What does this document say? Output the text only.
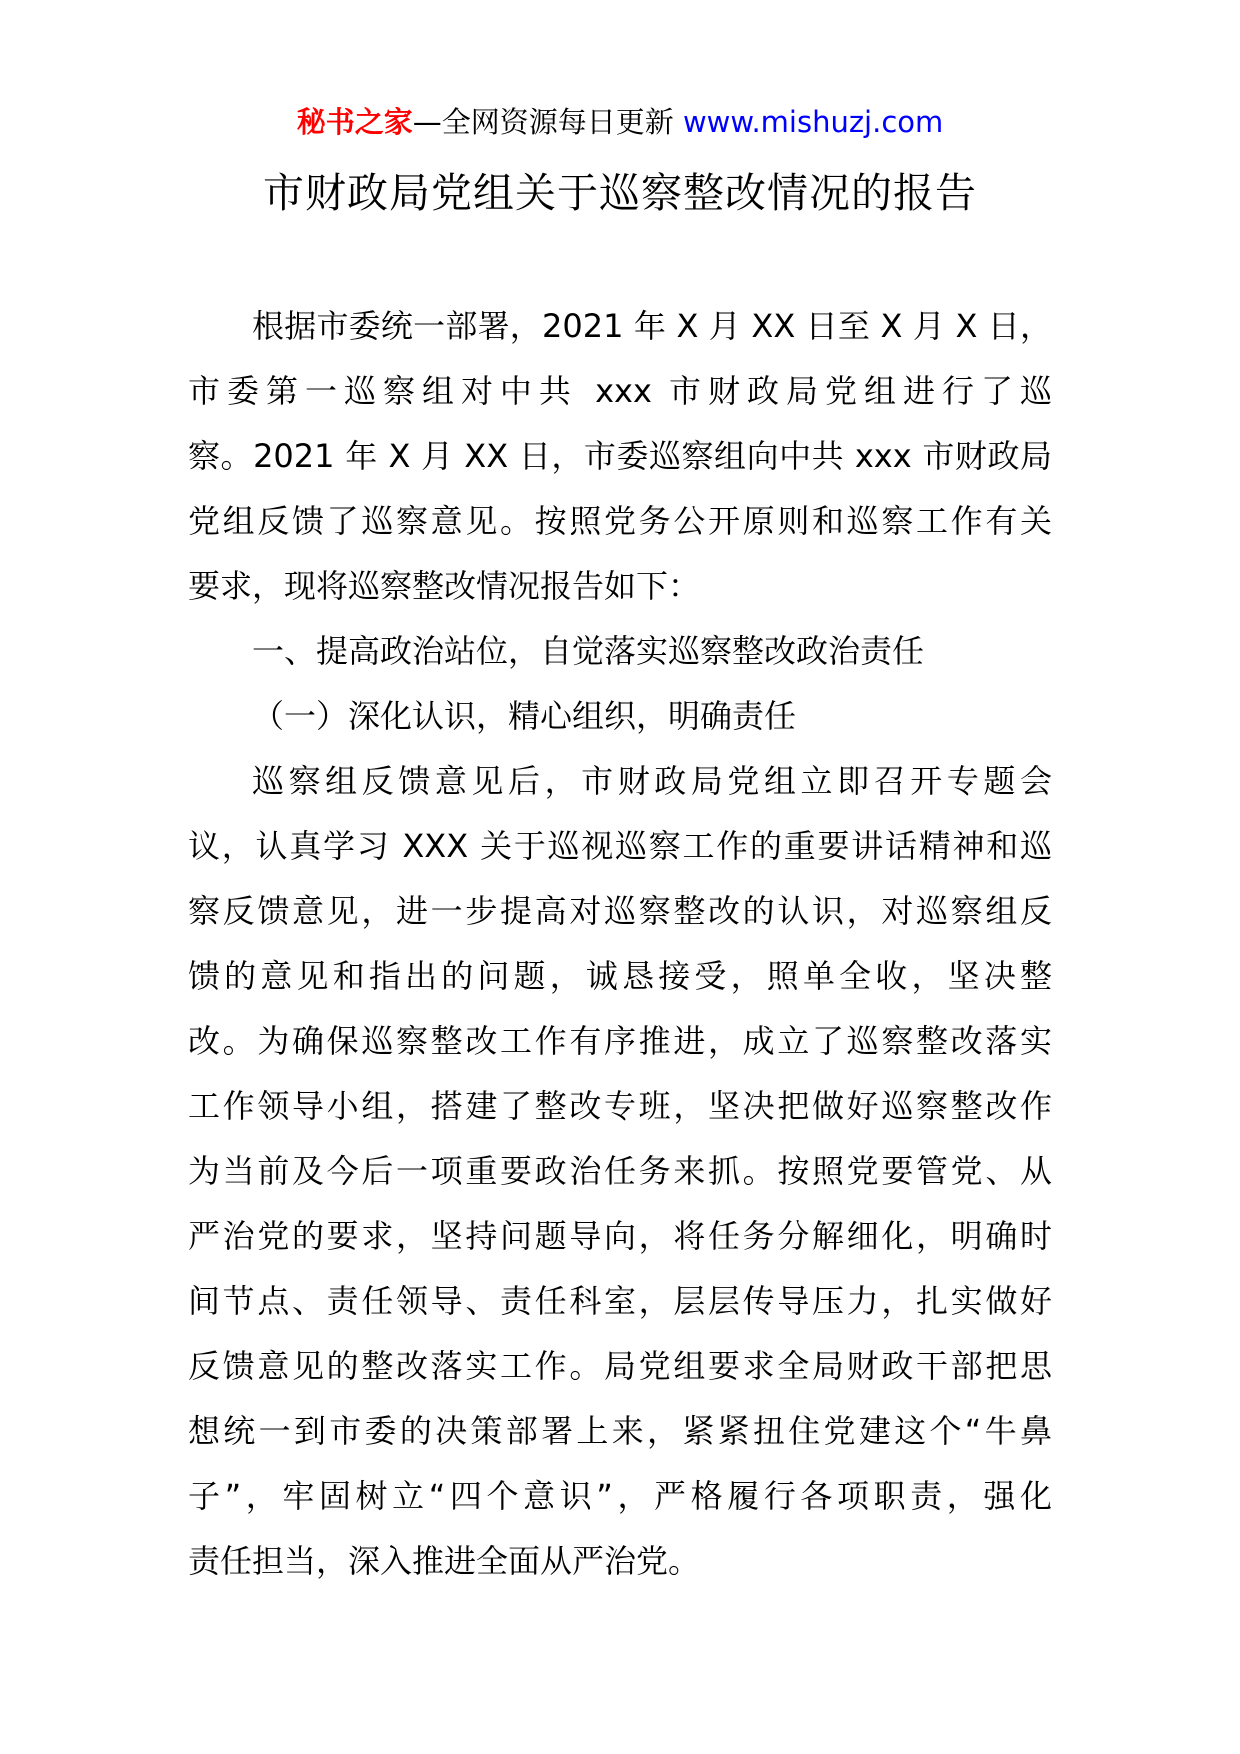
秘书之家—全网资源每日更新 www.mishuzj.com
市财政局党组关于巡察整改情况的报告
根据市委统一部署，2021 年 X 月 XX 日至 X 月 X 日，
市委第一巡察组对中共 xxx 市财政局党组进行了巡
察。2021 年 X 月 XX 日，市委巡察组向中共 xxx 市财政局
党组反馈了巡察意见。按照党务公开原则和巡察工作有关
要求，现将巡察整改情况报告如下：
一、提高政治站位，自觉落实巡察整改政治责任
（一）深化认识，精心组织，明确责任
巡察组反馈意见后，市财政局党组立即召开专题会
议，认真学习 XXX 关于巡视巡察工作的重要讲话精神和巡
察反馈意见，进一步提高对巡察整改的认识，对巡察组反
馈的意见和指出的问题，诚恳接受，照单全收，坚决整
改。为确保巡察整改工作有序推进，成立了巡察整改落实
工作领导小组，搭建了整改专班，坚决把做好巡察整改作
为当前及今后一项重要政治任务来抓。按照党要管党、从
严治党的要求，坚持问题导向，将任务分解细化，明确时
间节点、责任领导、责任科室，层层传导压力，扎实做好
反馈意见的整改落实工作。局党组要求全局财政干部把思
想统一到市委的决策部署上来，紧紧扭住党建这个“牛鼻
子”，牢固树立“四个意识”，严格履行各项职责，强化
责任担当，深入推进全面从严治党。
